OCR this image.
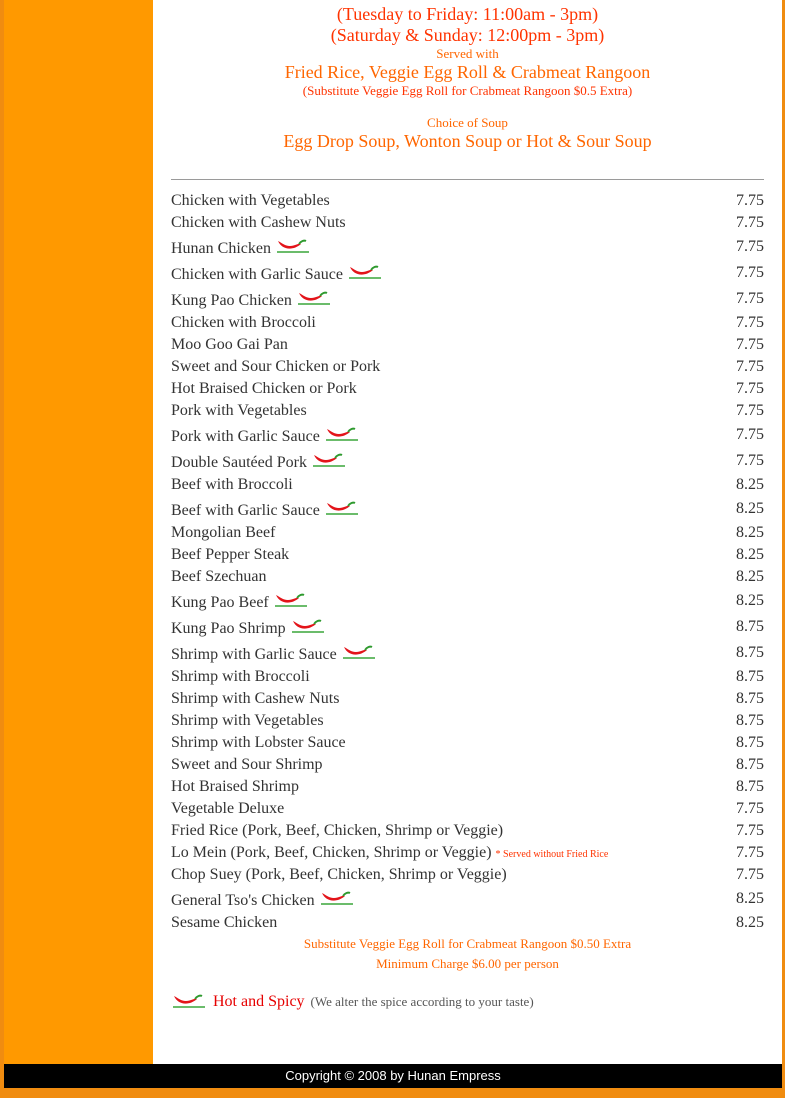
(Tuesday to Friday: 11:00am - 3pm)
(Saturday & Sunday: 12:00pm - 3pm)
Served with
Fried Rice, Veggie Egg Roll & Crabmeat Rangoon
(Substitute Veggie Egg Roll for Crabmeat Rangoon $0.5 Extra)
Choice of Soup
Egg Drop Soup, Wonton Soup or Hot & Sour Soup
Chicken with Vegetables	7.75
Chicken with Cashew Nuts	7.75
Hunan Chicken	7.75
Chicken with Garlic Sauce	7.75
Kung Pao Chicken	7.75
Chicken with Broccoli	7.75
Moo Goo Gai Pan	7.75
Sweet and Sour Chicken or Pork	7.75
Hot Braised Chicken or Pork	7.75
Pork with Vegetables	7.75
Pork with Garlic Sauce	7.75
Double Sautéed Pork	7.75
Beef with Broccoli	8.25
Beef with Garlic Sauce	8.25
Mongolian Beef	8.25
Beef Pepper Steak	8.25
Beef Szechuan	8.25
Kung Pao Beef	8.25
Kung Pao Shrimp	8.75
Shrimp with Garlic Sauce	8.75
Shrimp with Broccoli	8.75
Shrimp with Cashew Nuts	8.75
Shrimp with Vegetables	8.75
Shrimp with Lobster Sauce	8.75
Sweet and Sour Shrimp	8.75
Hot Braised Shrimp	8.75
Vegetable Deluxe	7.75
Fried Rice (Pork, Beef, Chicken, Shrimp or Veggie)	7.75
Lo Mein (Pork, Beef, Chicken, Shrimp or Veggie) * Served without Fried Rice	7.75
Chop Suey (Pork, Beef, Chicken, Shrimp or Veggie)	7.75
General Tso's Chicken	8.25
Sesame Chicken	8.25
Substitute Veggie Egg Roll for Crabmeat Rangoon $0.50 Extra
Minimum Charge $6.00 per person
Hot and Spicy (We alter the spice according to your taste)
Copyright © 2008 by Hunan Empress
